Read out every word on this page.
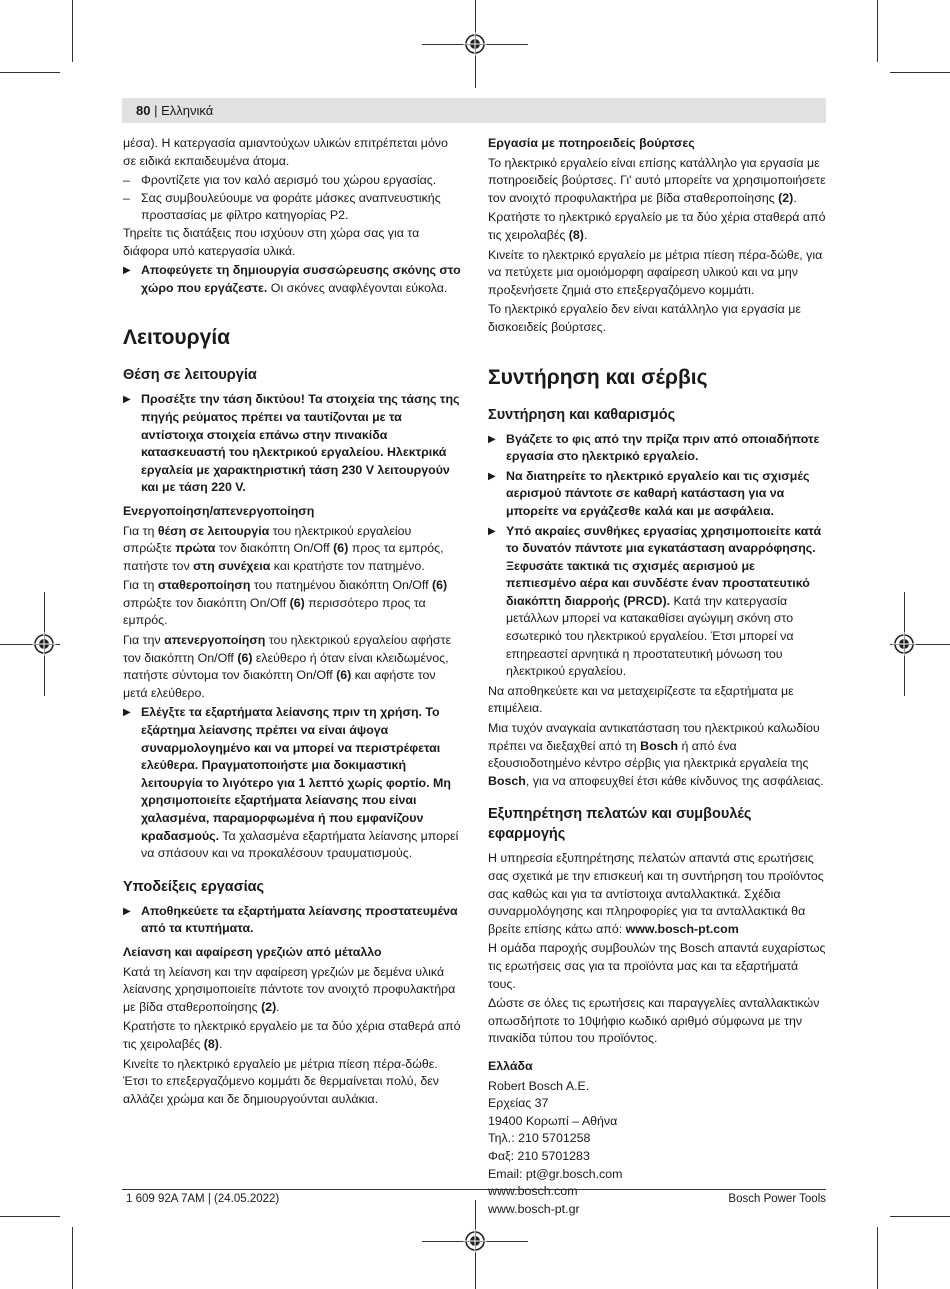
80 | Ελληνικά

μέσα). Η κατεργασία αμιαντούχων υλικών επιτρέπεται μόνο σε ειδικά εκπαιδευμένα άτομα.

– Φροντίζετε για τον καλό αερισμό του χώρου εργασίας.

– Σας συμβουλεύουμε να φοράτε μάσκες αναπνευστικής προστασίας με φίλτρο κατηγορίας P2.

Τηρείτε τις διατάξεις που ισχύουν στη χώρα σας για τα διάφορα υπό κατεργασία υλικά.

▶ Αποφεύγετε τη δημιουργία συσσώρευσης σκόνης στο χώρο που εργάζεστε. Οι σκόνες αναφλέγονται εύκολα.

Λειτουργία
Θέση σε λειτουργία

▶ Προσέξτε την τάση δικτύου! Τα στοιχεία της τάσης της πηγής ρεύματος πρέπει να ταυτίζονται με τα αντίστοιχα στοιχεία επάνω στην πινακίδα κατασκευαστή του ηλεκτρικού εργαλείου. Ηλεκτρικά εργαλεία με χαρακτηριστική τάση 230 V λειτουργούν και με τάση 220 V.

Ενεργοποίηση/απενεργοποίηση

Για τη θέση σε λειτουργία του ηλεκτρικού εργαλείου σπρώξτε πρώτα τον διακόπτη On/Off (6) προς τα εμπρός, πατήστε τον στη συνέχεια και κρατήστε τον πατημένο.

Για τη σταθεροποίηση του πατημένου διακόπτη On/Off (6) σπρώξτε τον διακόπτη On/Off (6) περισσότερο προς τα εμπρός.

Για την απενεργοποίηση του ηλεκτρικού εργαλείου αφήστε τον διακόπτη On/Off (6) ελεύθερο ή όταν είναι κλειδωμένος, πατήστε σύντομα τον διακόπτη On/Off (6) και αφήστε τον μετά ελεύθερο.

▶ Ελέγξτε τα εξαρτήματα λείανσης πριν τη χρήση. Το εξάρτημα λείανσης πρέπει να είναι άψογα συναρμολογημένο και να μπορεί να περιστρέφεται ελεύθερα. Πραγματοποιήστε μια δοκιμαστική λειτουργία το λιγότερο για 1 λεπτό χωρίς φορτίο. Μη χρησιμοποιείτε εξαρτήματα λείανσης που είναι χαλασμένα, παραμορφωμένα ή που εμφανίζουν κραδασμούς. Τα χαλασμένα εξαρτήματα λείανσης μπορεί να σπάσουν και να προκαλέσουν τραυματισμούς.

Υποδείξεις εργασίας

▶ Αποθηκεύετε τα εξαρτήματα λείανσης προστατευμένα από τα κτυπήματα.

Λείανση και αφαίρεση γρεζιών από μέταλλο

Κατά τη λείανση και την αφαίρεση γρεζιών με δεμένα υλικά λείανσης χρησιμοποιείτε πάντοτε τον ανοιχτό προφυλακτήρα με βίδα σταθεροποίησης (2).

Κρατήστε το ηλεκτρικό εργαλείο με τα δύο χέρια σταθερά από τις χειρολαβές (8).

Κινείτε το ηλεκτρικό εργαλείο με μέτρια πίεση πέρα-δώθε. Έτσι το επεξεργαζόμενο κομμάτι δε θερμαίνεται πολύ, δεν αλλάζει χρώμα και δε δημιουργούνται αυλάκια.

Εργασία με ποτηροειδείς βούρτσες

Το ηλεκτρικό εργαλείο είναι επίσης κατάλληλο για εργασία με ποτηροειδείς βούρτσες. Γι' αυτό μπορείτε να χρησιμοποιήσετε τον ανοιχτό προφυλακτήρα με βίδα σταθεροποίησης (2).

Κρατήστε το ηλεκτρικό εργαλείο με τα δύο χέρια σταθερά από τις χειρολαβές (8).

Κινείτε το ηλεκτρικό εργαλείο με μέτρια πίεση πέρα-δώθε, για να πετύχετε μια ομοιόμορφη αφαίρεση υλικού και να μην προξενήσετε ζημιά στο επεξεργαζόμενο κομμάτι.

Το ηλεκτρικό εργαλείο δεν είναι κατάλληλο για εργασία με δισκοειδείς βούρτσες.

Συντήρηση και σέρβις
Συντήρηση και καθαρισμός

▶ Βγάζετε το φις από την πρίζα πριν από οποιαδήποτε εργασία στο ηλεκτρικό εργαλείο.

▶ Να διατηρείτε το ηλεκτρικό εργαλείο και τις σχισμές αερισμού πάντοτε σε καθαρή κατάσταση για να μπορείτε να εργάζεσθε καλά και με ασφάλεια.

▶ Υπό ακραίες συνθήκες εργασίας χρησιμοποιείτε κατά το δυνατόν πάντοτε μια εγκατάσταση αναρρόφησης. Ξεφυσάτε τακτικά τις σχισμές αερισμού με πεπιεσμένο αέρα και συνδέστε έναν προστατευτικό διακόπτη διαρροής (PRCD). Κατά την κατεργασία μετάλλων μπορεί να κατακαθίσει αγώγιμη σκόνη στο εσωτερικό του ηλεκτρικού εργαλείου. Έτσι μπορεί να επηρεαστεί αρνητικά η προστατευτική μόνωση του ηλεκτρικού εργαλείου.

Να αποθηκεύετε και να μεταχειρίζεστε τα εξαρτήματα με επιμέλεια.

Μια τυχόν αναγκαία αντικατάσταση του ηλεκτρικού καλωδίου πρέπει να διεξαχθεί από τη Bosch ή από ένα εξουσιοδοτημένο κέντρο σέρβις για ηλεκτρικά εργαλεία της Bosch, για να αποφευχθεί έτσι κάθε κίνδυνος της ασφάλειας.

Εξυπηρέτηση πελατών και συμβουλές εφαρμογής

Η υπηρεσία εξυπηρέτησης πελατών απαντά στις ερωτήσεις σας σχετικά με την επισκευή και τη συντήρηση του προϊόντος σας καθώς και για τα αντίστοιχα ανταλλακτικά. Σχέδια συναρμολόγησης και πληροφορίες για τα ανταλλακτικά θα βρείτε επίσης κάτω από: www.bosch-pt.com

Η ομάδα παροχής συμβουλών της Bosch απαντά ευχαρίστως τις ερωτήσεις σας για τα προϊόντα μας και τα εξαρτήματά τους.

Δώστε σε όλες τις ερωτήσεις και παραγγελίες ανταλλακτικών οπωσδήποτε το 10ψήφιο κωδικό αριθμό σύμφωνα με την πινακίδα τύπου του προϊόντος.

Ελλάδα

Robert Bosch A.E.

Ερχείας 37

19400 Κορωπί – Αθήνα

Τηλ.: 210 5701258

Φαξ: 210 5701283

Email: pt@gr.bosch.com

www.bosch.com

www.bosch-pt.gr

1 609 92A 7AM | (24.05.2022)	Bosch Power Tools
